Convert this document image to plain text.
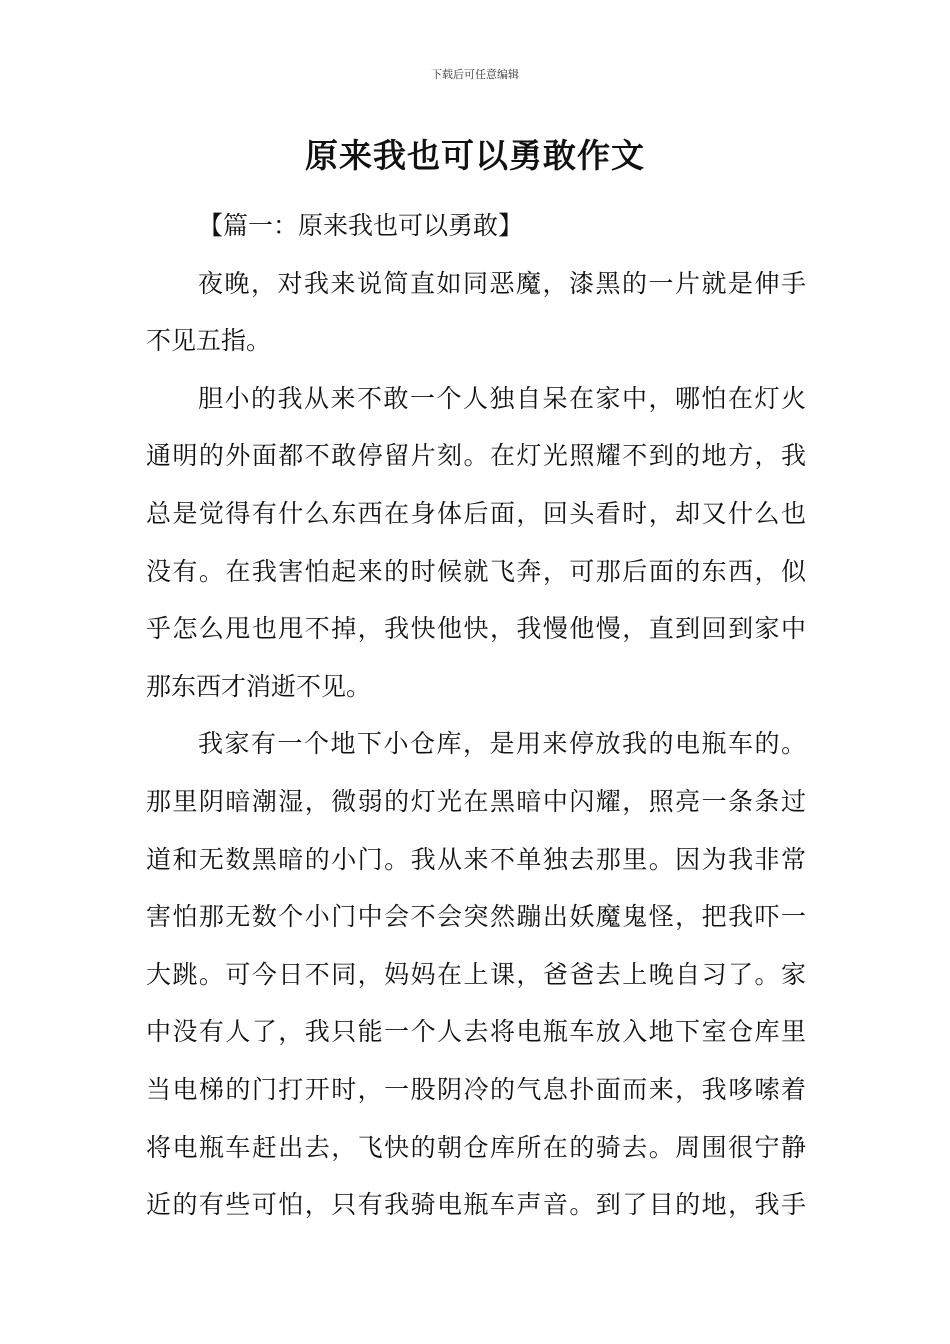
下载后可任意编辑
原来我也可以勇敢作文
【篇一：原来我也可以勇敢】
夜晚，对我来说简直如同恶魔，漆黑的一片就是伸手
不见五指。
胆小的我从来不敢一个人独自呆在家中，哪怕在灯火
通明的外面都不敢停留片刻。在灯光照耀不到的地方，我
总是觉得有什么东西在身体后面，回头看时，却又什么也
没有。在我害怕起来的时候就飞奔，可那后面的东西，似
乎怎么甩也甩不掉，我快他快，我慢他慢，直到回到家中
那东西才消逝不见。
我家有一个地下小仓库，是用来停放我的电瓶车的。
那里阴暗潮湿，微弱的灯光在黑暗中闪耀，照亮一条条过
道和无数黑暗的小门。我从来不单独去那里。因为我非常
害怕那无数个小门中会不会突然蹦出妖魔鬼怪，把我吓一
大跳。可今日不同，妈妈在上课，爸爸去上晚自习了。家
中没有人了，我只能一个人去将电瓶车放入地下室仓库里
当电梯的门打开时，一股阴冷的气息扑面而来，我哆嗦着
将电瓶车赶出去，飞快的朝仓库所在的骑去。周围很宁静
近的有些可怕，只有我骑电瓶车声音。到了目的地，我手
